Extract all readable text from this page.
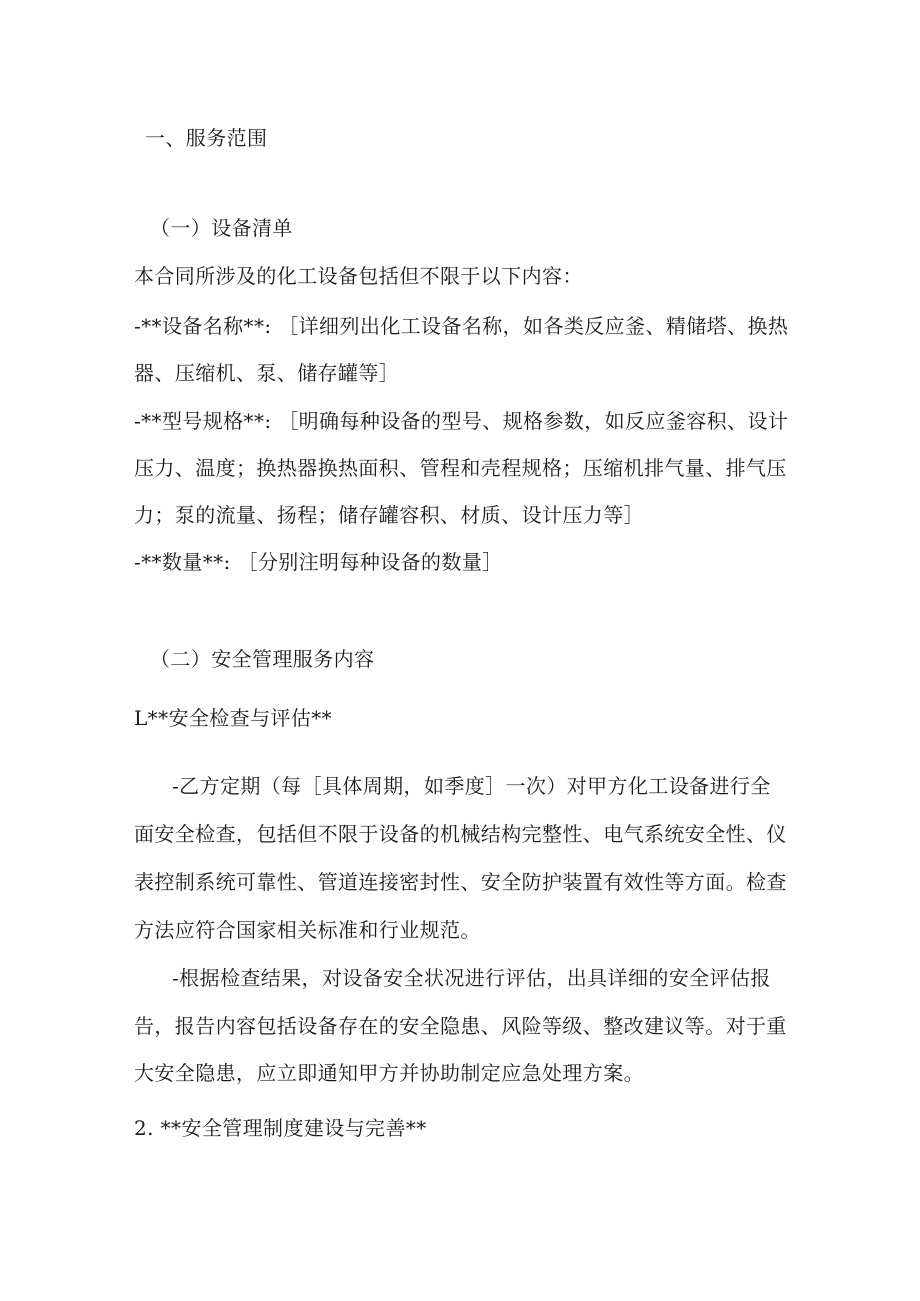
一、服务范围
（一）设备清单
本合同所涉及的化工设备包括但不限于以下内容：
-**设备名称**: ［详细列出化工设备名称，如各类反应釜、精储塔、换热
器、压缩机、泵、储存罐等］
-**型号规格**: ［明确每种设备的型号、规格参数，如反应釜容积、设计
压力、温度；换热器换热面积、管程和壳程规格；压缩机排气量、排气压
力；泵的流量、扬程；储存罐容积、材质、设计压力等］
-**数量**: ［分别注明每种设备的数量］
（二）安全管理服务内容
L**安全检查与评估**
-乙方定期（每［具体周期，如季度］一次）对甲方化工设备进行全
面安全检查，包括但不限于设备的机械结构完整性、电气系统安全性、仪
表控制系统可靠性、管道连接密封性、安全防护装置有效性等方面。检查
方法应符合国家相关标准和行业规范。
-根据检查结果，对设备安全状况进行评估，出具详细的安全评估报
告，报告内容包括设备存在的安全隐患、风险等级、整改建议等。对于重
大安全隐患，应立即通知甲方并协助制定应急处理方案。
2. **安全管理制度建设与完善**
